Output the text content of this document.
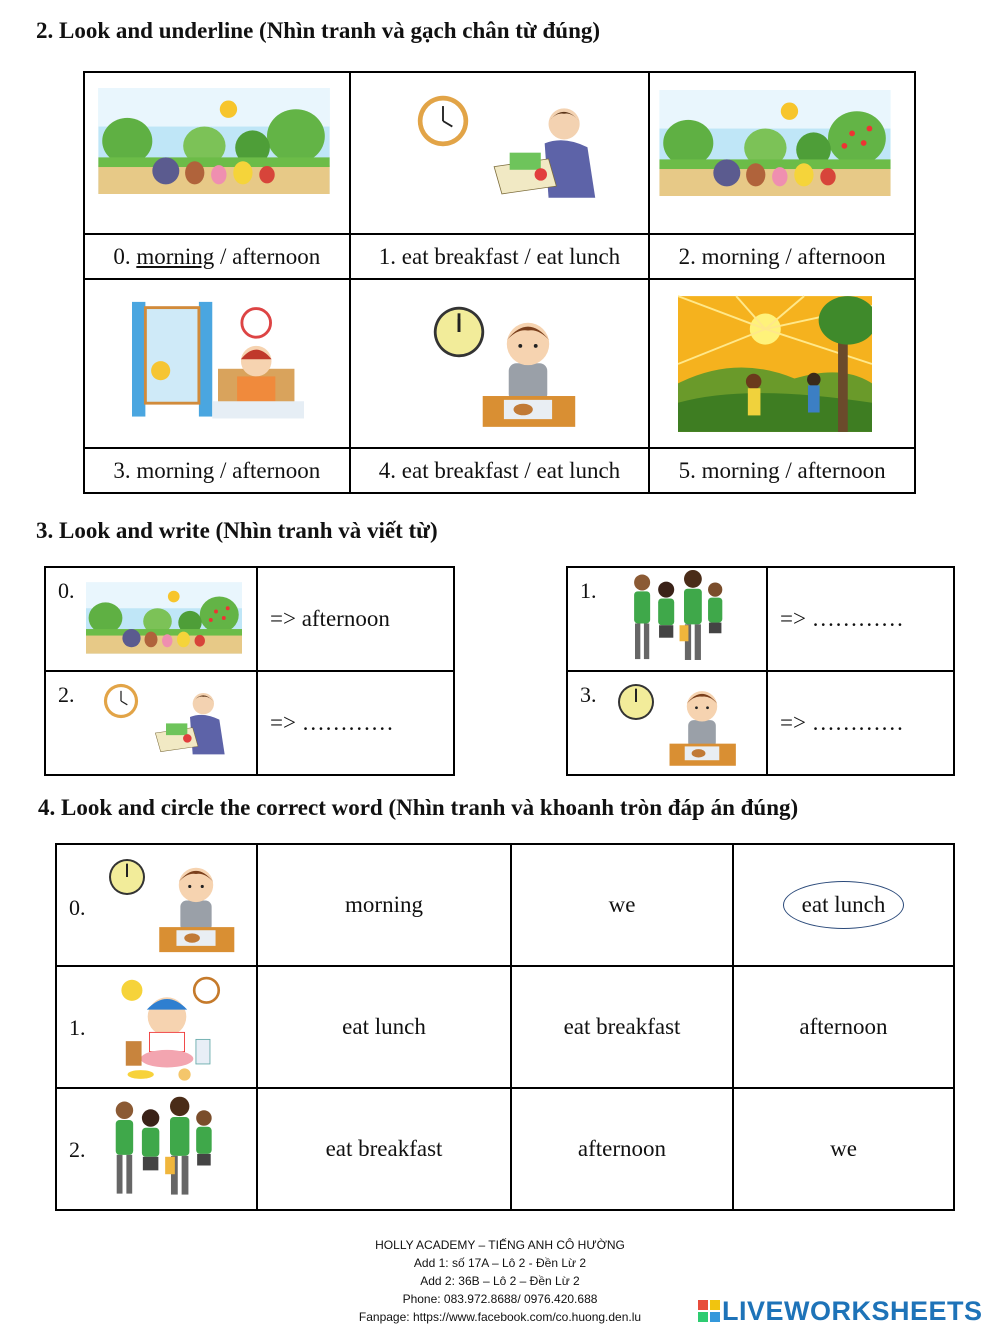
2. Look and underline (Nhìn tranh và gạch chân từ đúng)

0. morning / afternoon	1. eat breakfast / eat lunch	2. morning / afternoon

3. morning / afternoon	4. eat breakfast / eat lunch	5. morning / afternoon
3. Look and write (Nhìn tranh và viết từ)
0.	=> afternoon

2.	=> …………
1.	=> …………

3.	=> …………
4. Look and circle the correct word (Nhìn tranh và khoanh tròn đáp án đúng)
0.	morning	we	eat lunch

1.	eat lunch	eat breakfast	afternoon

2.	eat breakfast	afternoon	we
HOLLY ACADEMY – TIẾNG ANH CÔ HƯỜNG
Add 1: số 17A – Lô 2 - Đền Lừ 2
Add 2: 36B – Lô 2 – Đền Lừ 2
Phone: 083.972.8688/ 0976.420.688
Fanpage: https://www.facebook.com/co.huong.den.lu	LIVEWORKSHEETS
